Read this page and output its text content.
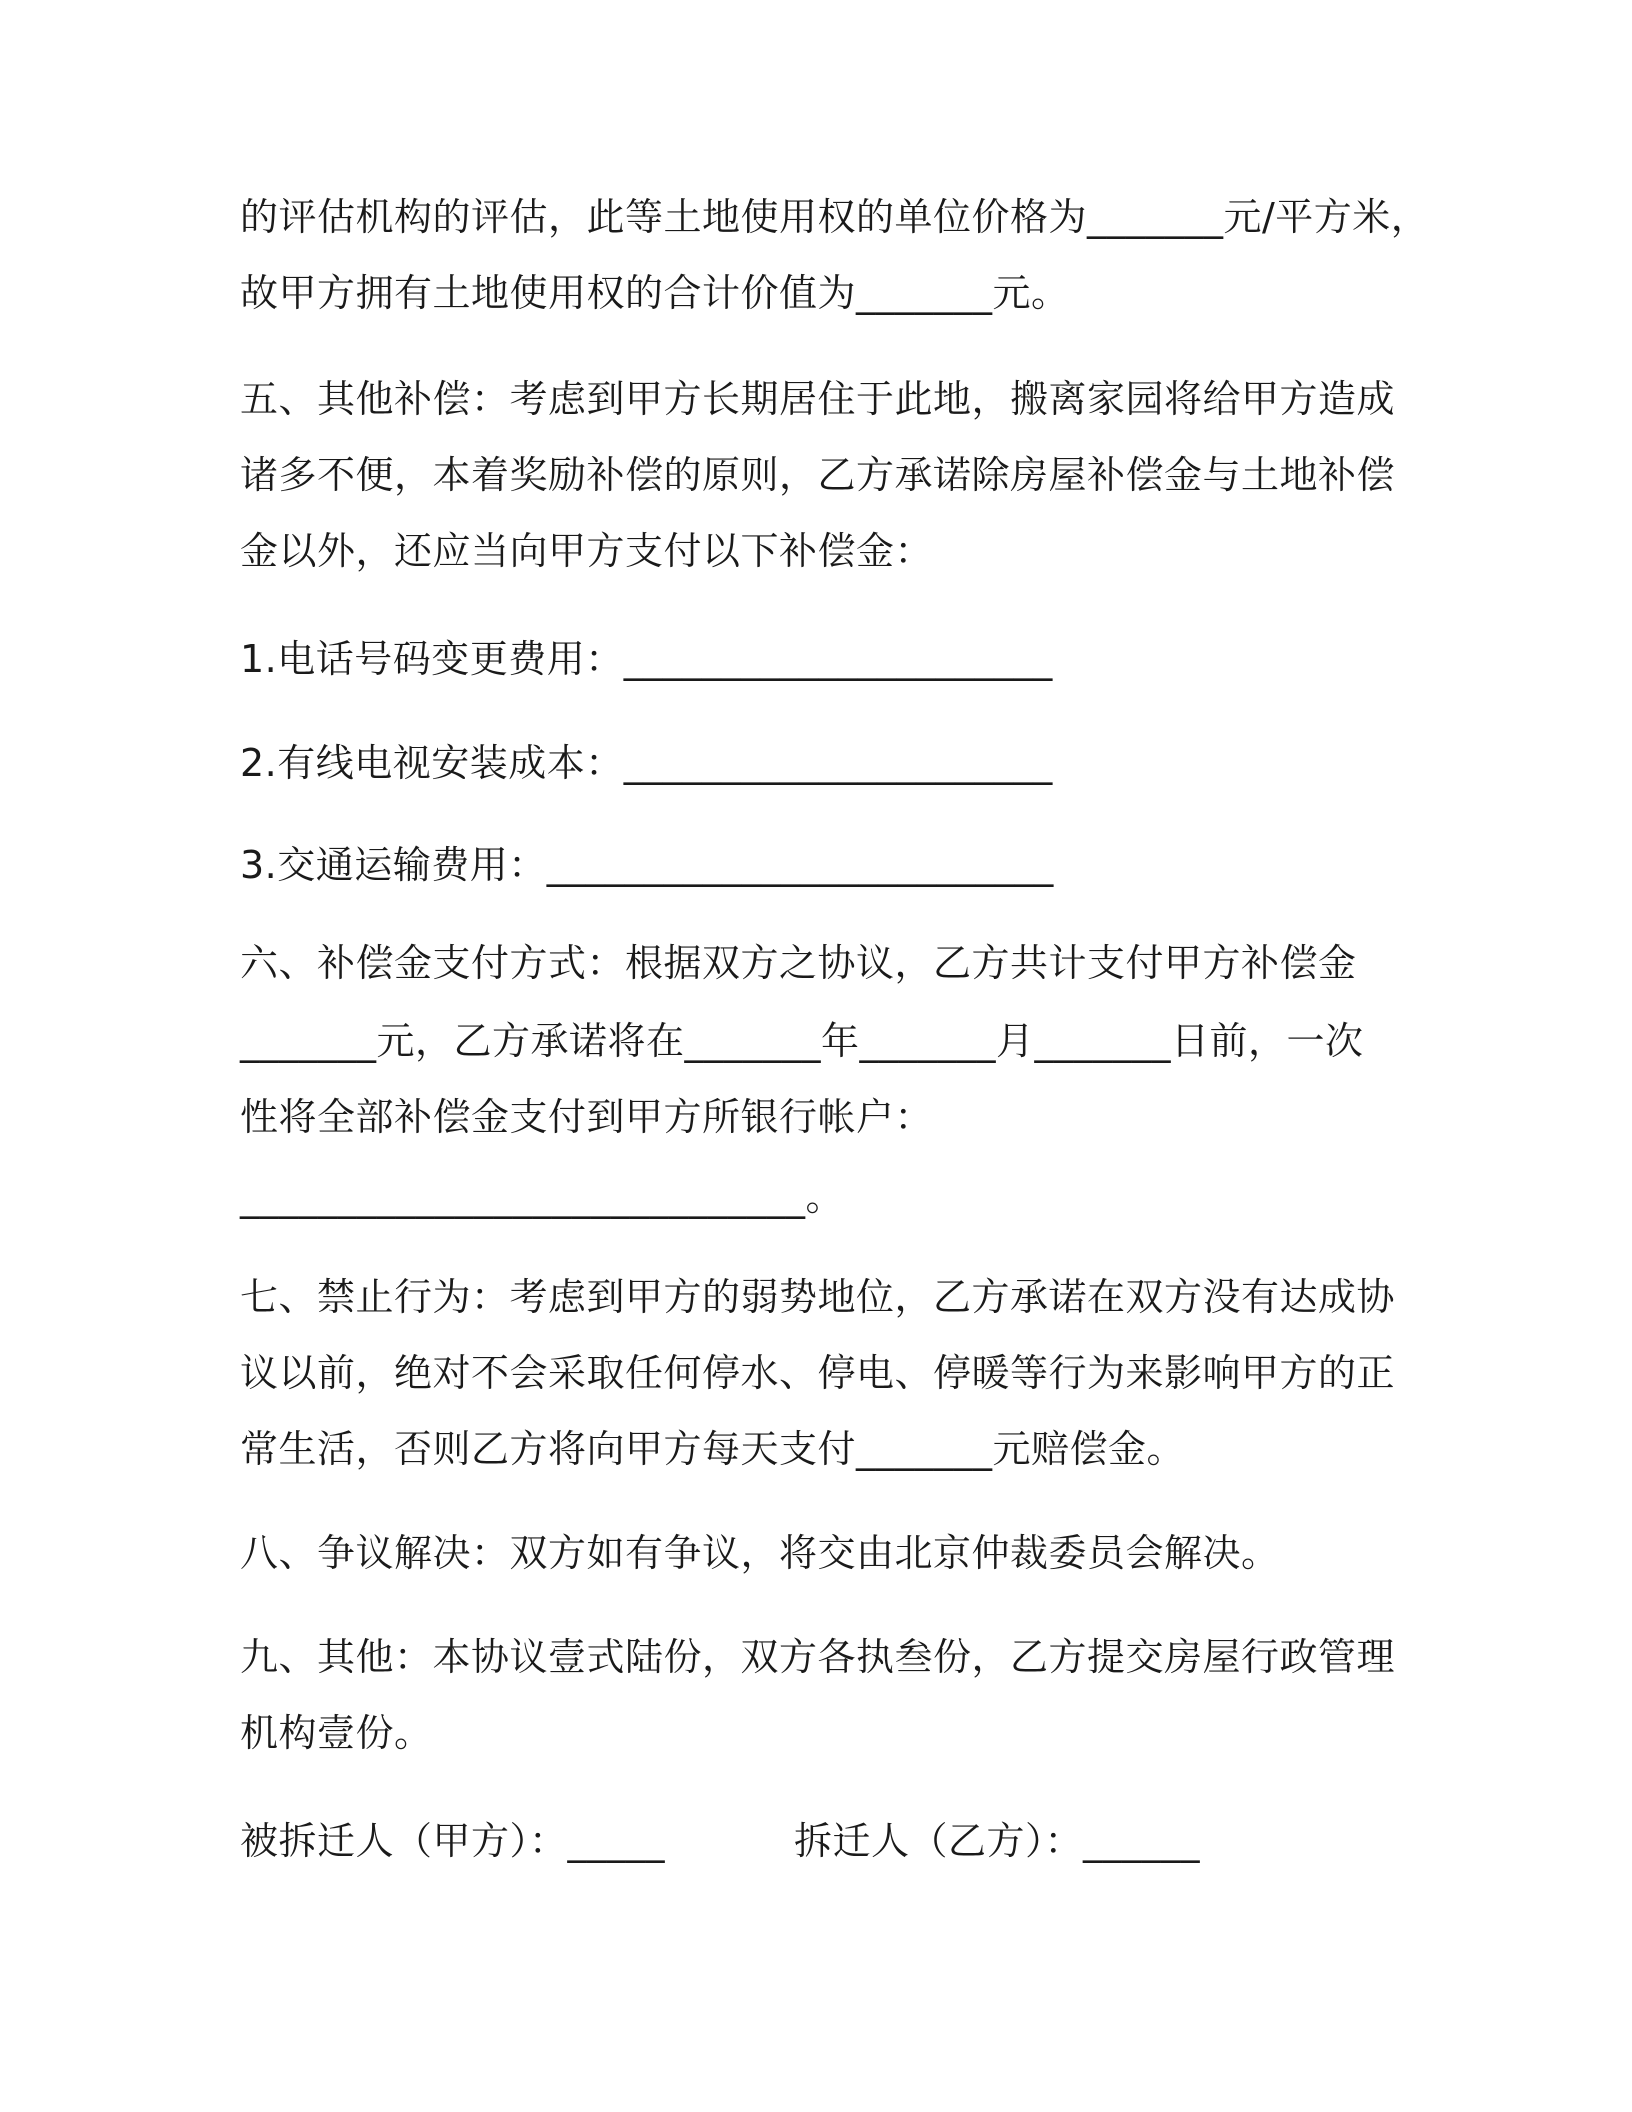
的评估机构的评估，此等土地使用权的单位价格为_______元/平方米，
故甲方拥有土地使用权的合计价值为_______元。
五、其他补偿：考虑到甲方长期居住于此地，搬离家园将给甲方造成
诸多不便，本着奖励补偿的原则，乙方承诺除房屋补偿金与土地补偿
金以外，还应当向甲方支付以下补偿金：
1.电话号码变更费用：______________________
2.有线电视安装成本：______________________
3.交通运输费用：__________________________
六、补偿金支付方式：根据双方之协议，乙方共计支付甲方补偿金
_______元，乙方承诺将在_______年_______月_______日前，一次
性将全部补偿金支付到甲方所银行帐户：
_____________________________。
七、禁止行为：考虑到甲方的弱势地位，乙方承诺在双方没有达成协
议以前，绝对不会采取任何停水、停电、停暖等行为来影响甲方的正
常生活，否则乙方将向甲方每天支付_______元赔偿金。
八、争议解决：双方如有争议，将交由北京仲裁委员会解决。
九、其他：本协议壹式陆份，双方各执叁份，乙方提交房屋行政管理
机构壹份。
被拆迁人（甲方）：_____	拆迁人（乙方）：______
